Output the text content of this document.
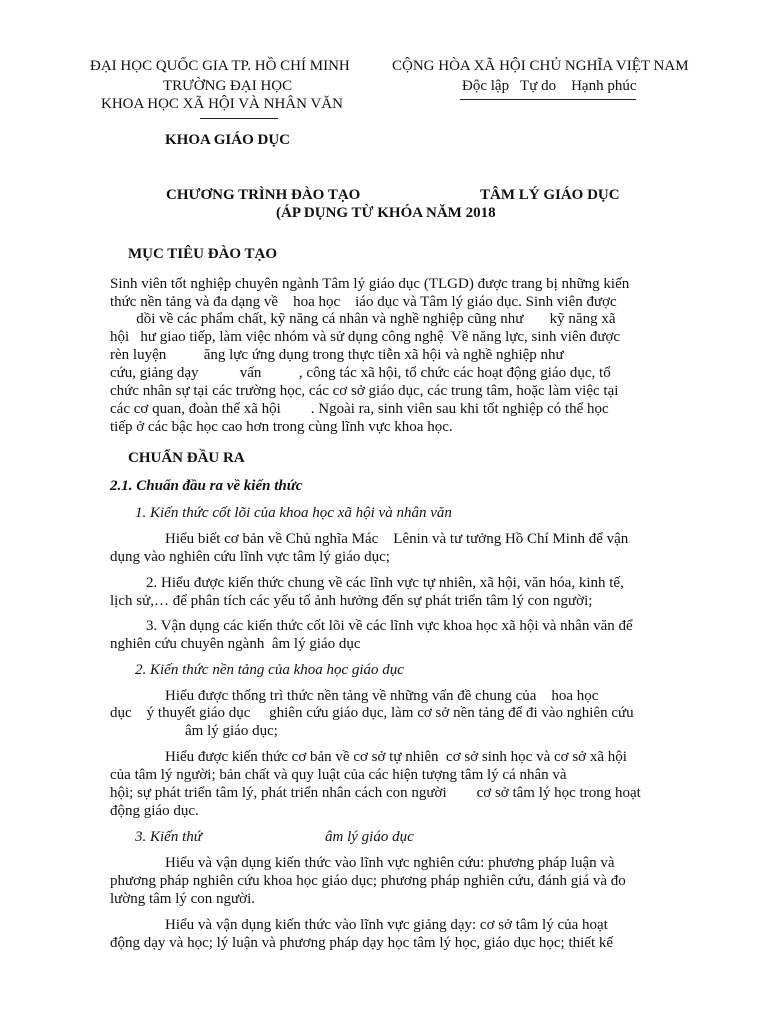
ĐẠI HỌC QUỐC GIA TP. HỒ CHÍ MINH
TRƯỜNG ĐẠI HỌC
KHOA HỌC XÃ HỘI VÀ NHÂN VĂN
CỘNG HÒA XÃ HỘI CHỦ NGHĨA VIỆT NAM
Độc lập   Tự do    Hạnh phúc
KHOA GIÁO DỤC
CHƯƠNG TRÌNH ĐÀO TẠO	TÂM LÝ GIÁO DỤC
(ÁP DỤNG TỪ KHÓA NĂM 2018
MỤC TIÊU ĐÀO TẠO
Sinh viên tốt nghiệp chuyên ngành Tâm lý giáo dục (TLGD) được trang bị những kiến
thức nền tảng và đa dạng về    hoa học    iáo dục và Tâm lý giáo dục. Sinh viên được
dồi về các phẩm chất, kỹ năng cá nhân và nghề nghiệp cũng như       kỹ năng xã
hội   hư giao tiếp, làm việc nhóm và sử dụng công nghệ  Về năng lực, sinh viên được
rèn luyện          ăng lực ứng dụng trong thực tiễn xã hội và nghề nghiệp như
cứu, giảng dạy           vấn          , công tác xã hội, tổ chức các hoạt động giáo dục, tổ
chức nhân sự tại các trường học, các cơ sở giáo dục, các trung tâm, hoặc làm việc tại
các cơ quan, đoàn thể xã hội        . Ngoài ra, sinh viên sau khi tốt nghiệp có thể học
tiếp ở các bậc học cao hơn trong cùng lĩnh vực khoa học.
CHUẨN ĐẦU RA
2.1. Chuẩn đầu ra về kiến thức
1. Kiến thức cốt lõi của khoa học xã hội và nhân văn
Hiểu biết cơ bản về Chủ nghĩa Mác    Lênin và tư tưởng Hồ Chí Minh để vận
dụng vào nghiên cứu lĩnh vực tâm lý giáo dục;
2. Hiểu được kiến thức chung về các lĩnh vực tự nhiên, xã hội, văn hóa, kinh tế,
lịch sử,… để phân tích các yếu tố ảnh hưởng đến sự phát triển tâm lý con người;
3. Vận dụng các kiến thức cốt lõi về các lĩnh vực khoa học xã hội và nhân văn để
nghiên cứu chuyên ngành  âm lý giáo dục
2. Kiến thức nền tảng của khoa học giáo dục
Hiểu được thống trì thức nền tảng về những vấn đề chung của    hoa học
dục    ý thuyết giáo dục     ghiên cứu giáo dục, làm cơ sở nền tảng để đi vào nghiên cứu
âm lý giáo dục;
Hiểu được kiến thức cơ bản về cơ sở tự nhiên  cơ sở sinh học và cơ sở xã hội
của tâm lý người; bản chất và quy luật của các hiện tượng tâm lý cá nhân và
hội; sự phát triển tâm lý, phát triển nhân cách con người        cơ sở tâm lý học trong hoạt
động giáo dục.
3. Kiến thứ	âm lý giáo dục
Hiểu và vận dụng kiến thức vào lĩnh vực nghiên cứu: phương pháp luận và
phương pháp nghiên cứu khoa học giáo dục; phương pháp nghiên cứu, đánh giá và đo
lường tâm lý con người.
Hiểu và vận dụng kiến thức vào lĩnh vực giảng dạy: cơ sở tâm lý của hoạt
động dạy và học; lý luận và phương pháp dạy học tâm lý học, giáo dục học; thiết kế
